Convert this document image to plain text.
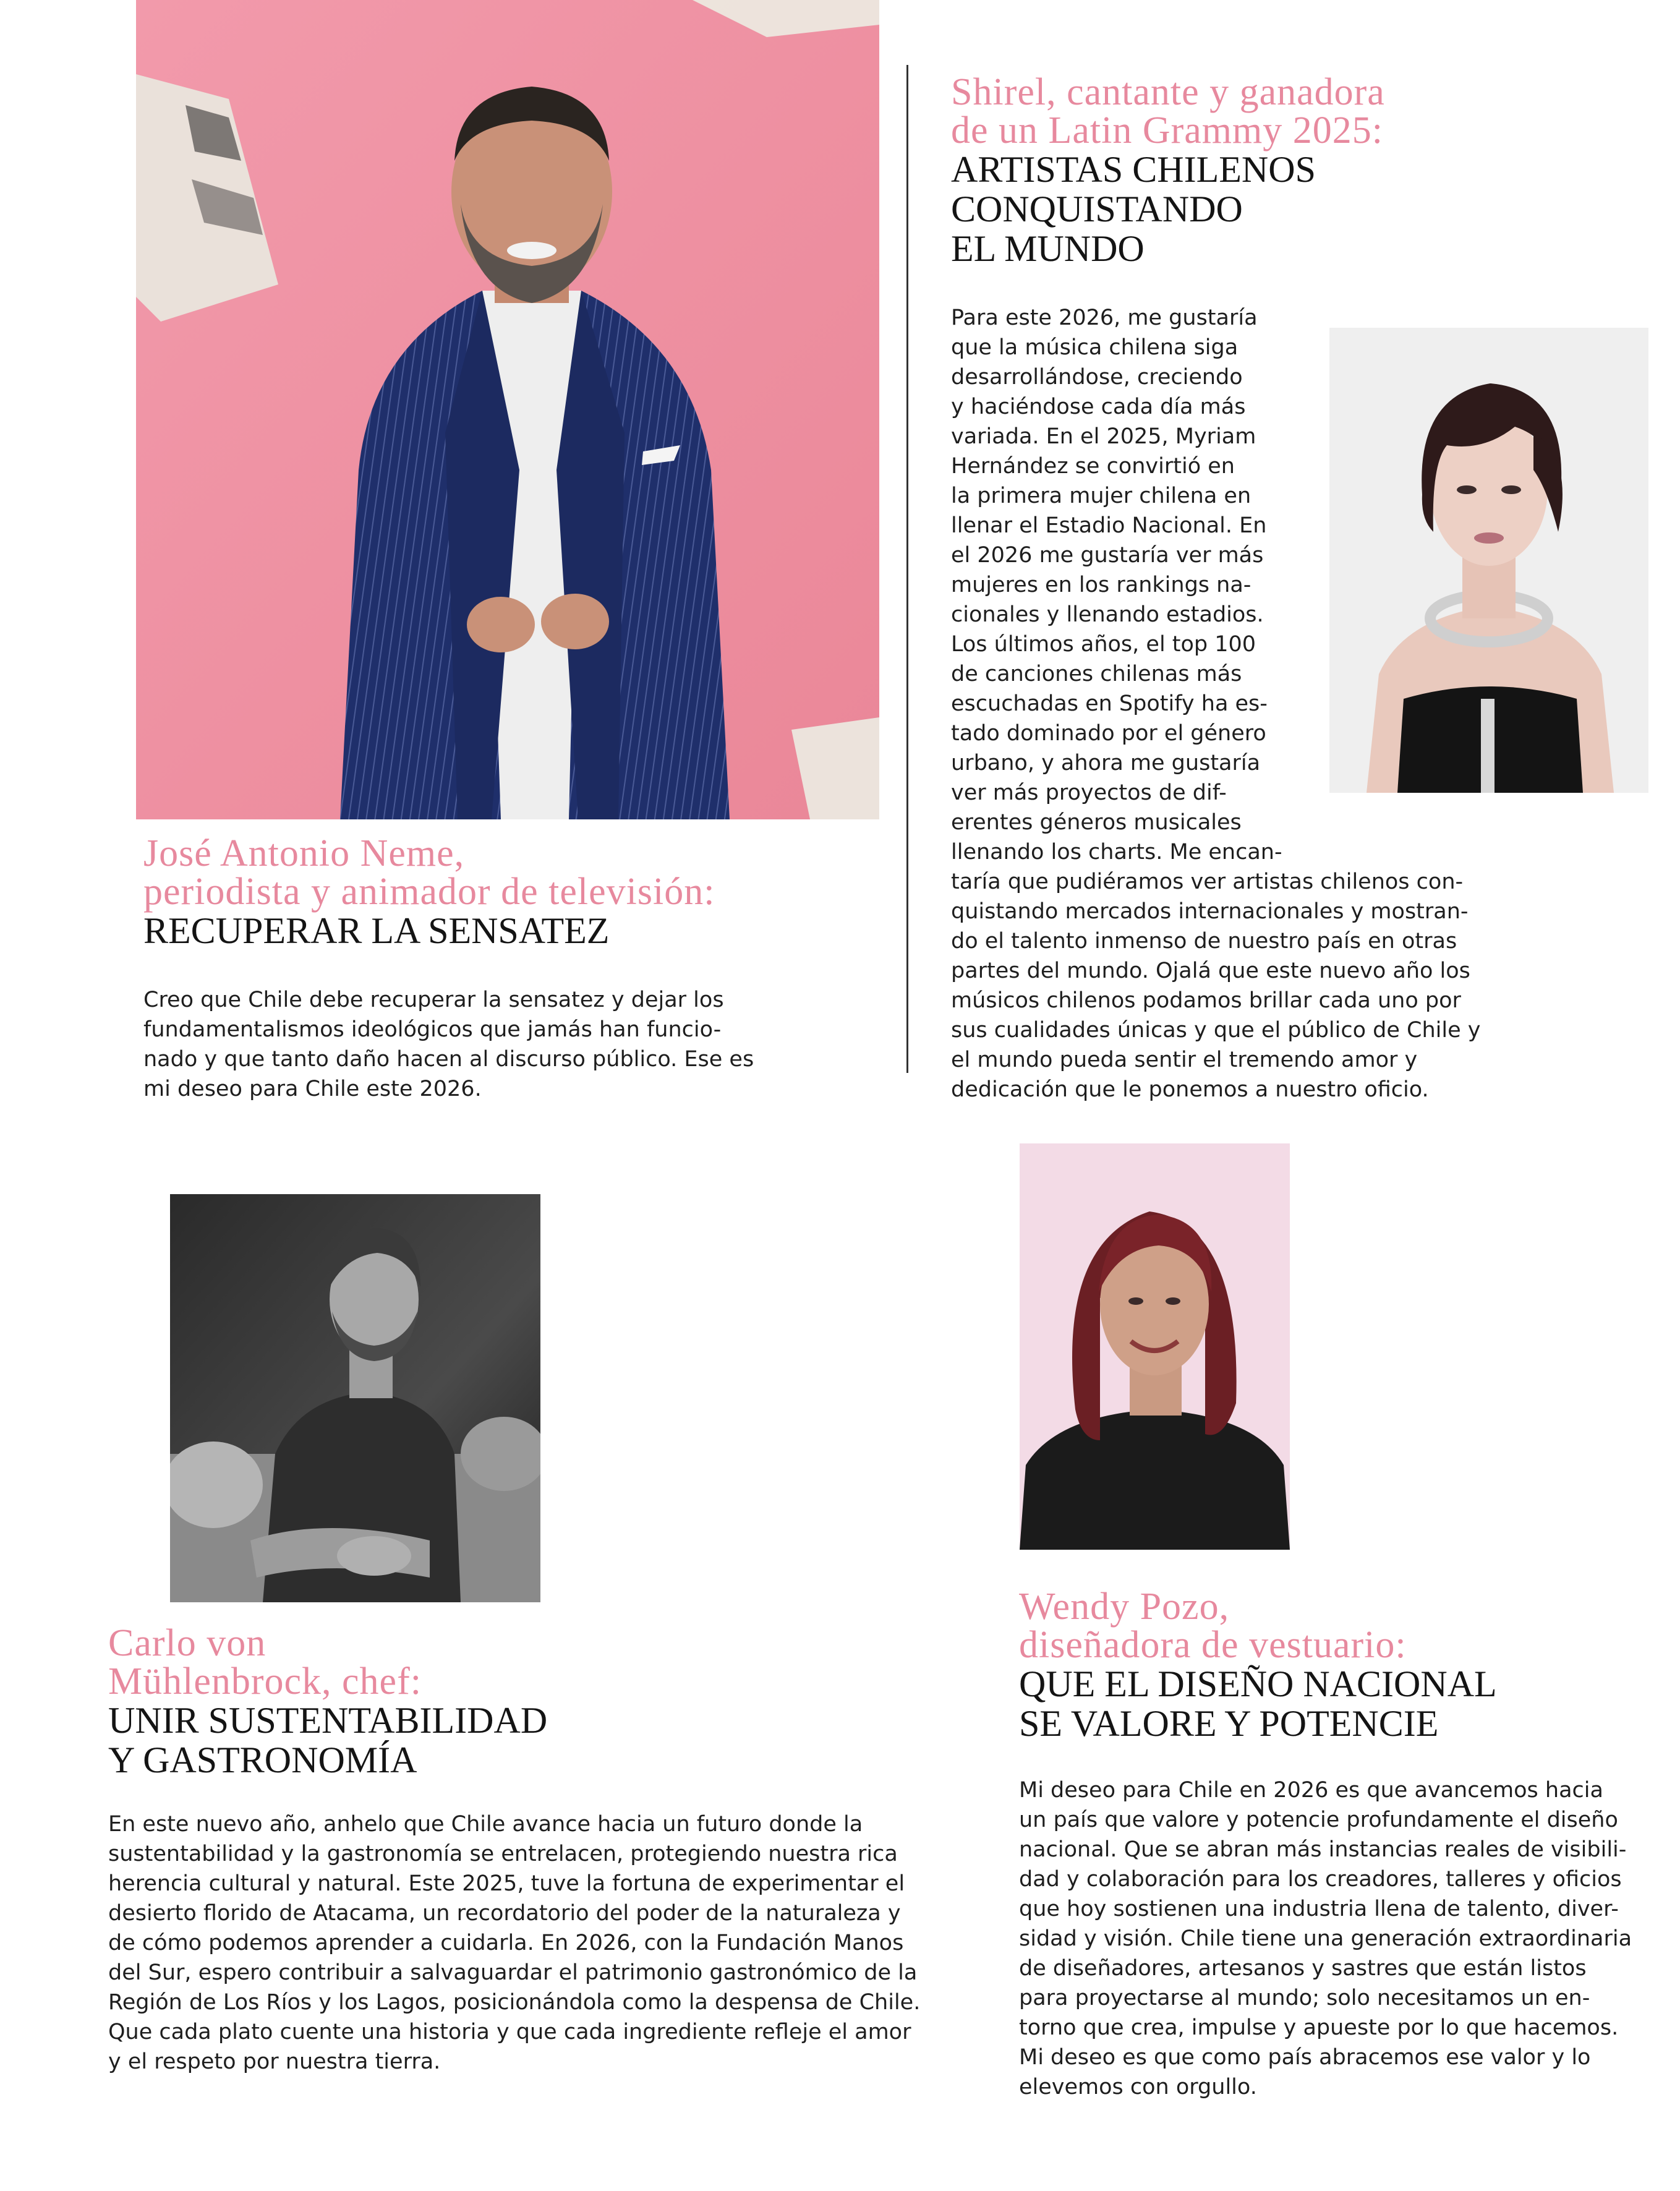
José Antonio Neme,
periodista y animador de televisión:
RECUPERAR LA SENSATEZ
Creo que Chile debe recuperar la sensatez y dejar los
fundamentalismos ideológicos que jamás han funcio-
nado y que tanto daño hacen al discurso público. Ese es
mi deseo para Chile este 2026.
Shirel, cantante y ganadora
de un Latin Grammy 2025:
ARTISTAS CHILENOS
CONQUISTANDO
EL MUNDO
Para este 2026, me gustaría
que la música chilena siga
desarrollándose, creciendo
y haciéndose cada día más
variada. En el 2025, Myriam
Hernández se convirtió en
la primera mujer chilena en
llenar el Estadio Nacional. En
el 2026 me gustaría ver más
mujeres en los rankings na-
cionales y llenando estadios.
Los últimos años, el top 100
de canciones chilenas más
escuchadas en Spotify ha es-
tado dominado por el género
urbano, y ahora me gustaría
ver más proyectos de dif-
erentes géneros musicales
llenando los charts. Me encan-
taría que pudiéramos ver artistas chilenos con-
quistando mercados internacionales y mostran-
do el talento inmenso de nuestro país en otras
partes del mundo. Ojalá que este nuevo año los
músicos chilenos podamos brillar cada uno por
sus cualidades únicas y que el público de Chile y
el mundo pueda sentir el tremendo amor y
dedicación que le ponemos a nuestro oficio.
Carlo von
Mühlenbrock, chef:
UNIR SUSTENTABILIDAD
Y GASTRONOMÍA
En este nuevo año, anhelo que Chile avance hacia un futuro donde la
sustentabilidad y la gastronomía se entrelacen, protegiendo nuestra rica
herencia cultural y natural. Este 2025, tuve la fortuna de experimentar el
desierto florido de Atacama, un recordatorio del poder de la naturaleza y
de cómo podemos aprender a cuidarla. En 2026, con la Fundación Manos
del Sur, espero contribuir a salvaguardar el patrimonio gastronómico de la
Región de Los Ríos y los Lagos, posicionándola como la despensa de Chile.
Que cada plato cuente una historia y que cada ingrediente refleje el amor
y el respeto por nuestra tierra.
Wendy Pozo,
diseñadora de vestuario:
QUE EL DISEÑO NACIONAL
SE VALORE Y POTENCIE
Mi deseo para Chile en 2026 es que avancemos hacia
un país que valore y potencie profundamente el diseño
nacional. Que se abran más instancias reales de visibili-
dad y colaboración para los creadores, talleres y oficios
que hoy sostienen una industria llena de talento, diver-
sidad y visión. Chile tiene una generación extraordinaria
de diseñadores, artesanos y sastres que están listos
para proyectarse al mundo; solo necesitamos un en-
torno que crea, impulse y apueste por lo que hacemos.
Mi deseo es que como país abracemos ese valor y lo
elevemos con orgullo.
